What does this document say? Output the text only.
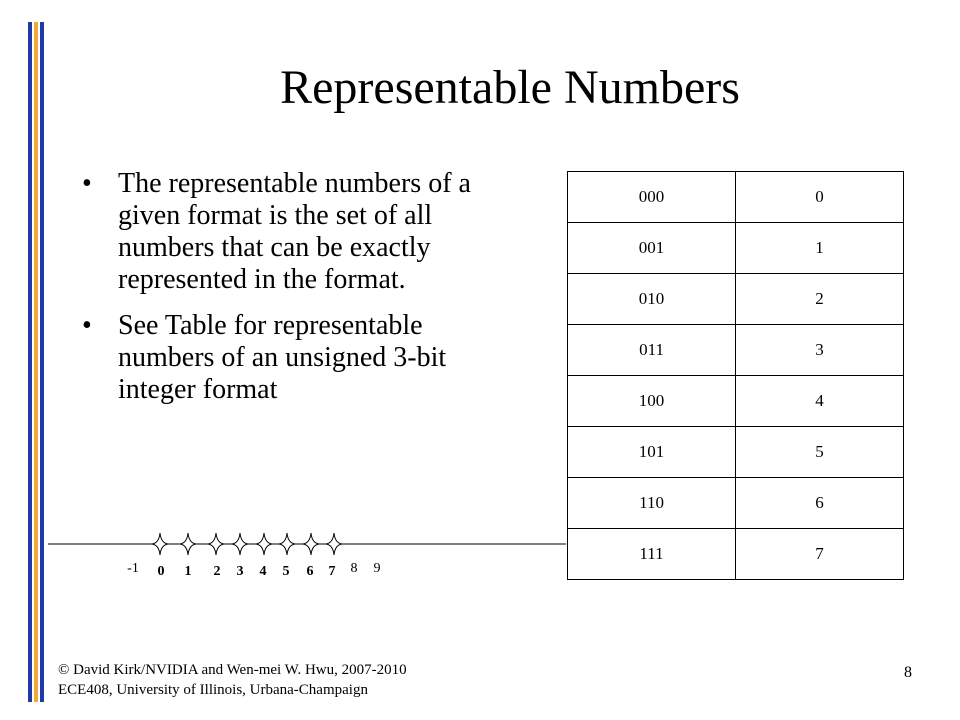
Representable Numbers
• The representable numbers of a given format is the set of all numbers that can be exactly represented in the format.
• See Table for representable numbers of an unsigned 3-bit integer format
000	0
001	1
010	2
011	3
100	4
101	5
110	6
111	7
-1 0 1 2 3 4 5 6 7 8 9
© David Kirk/NVIDIA and Wen-mei W. Hwu, 2007-2010
ECE408, University of Illinois, Urbana-Champaign
8
